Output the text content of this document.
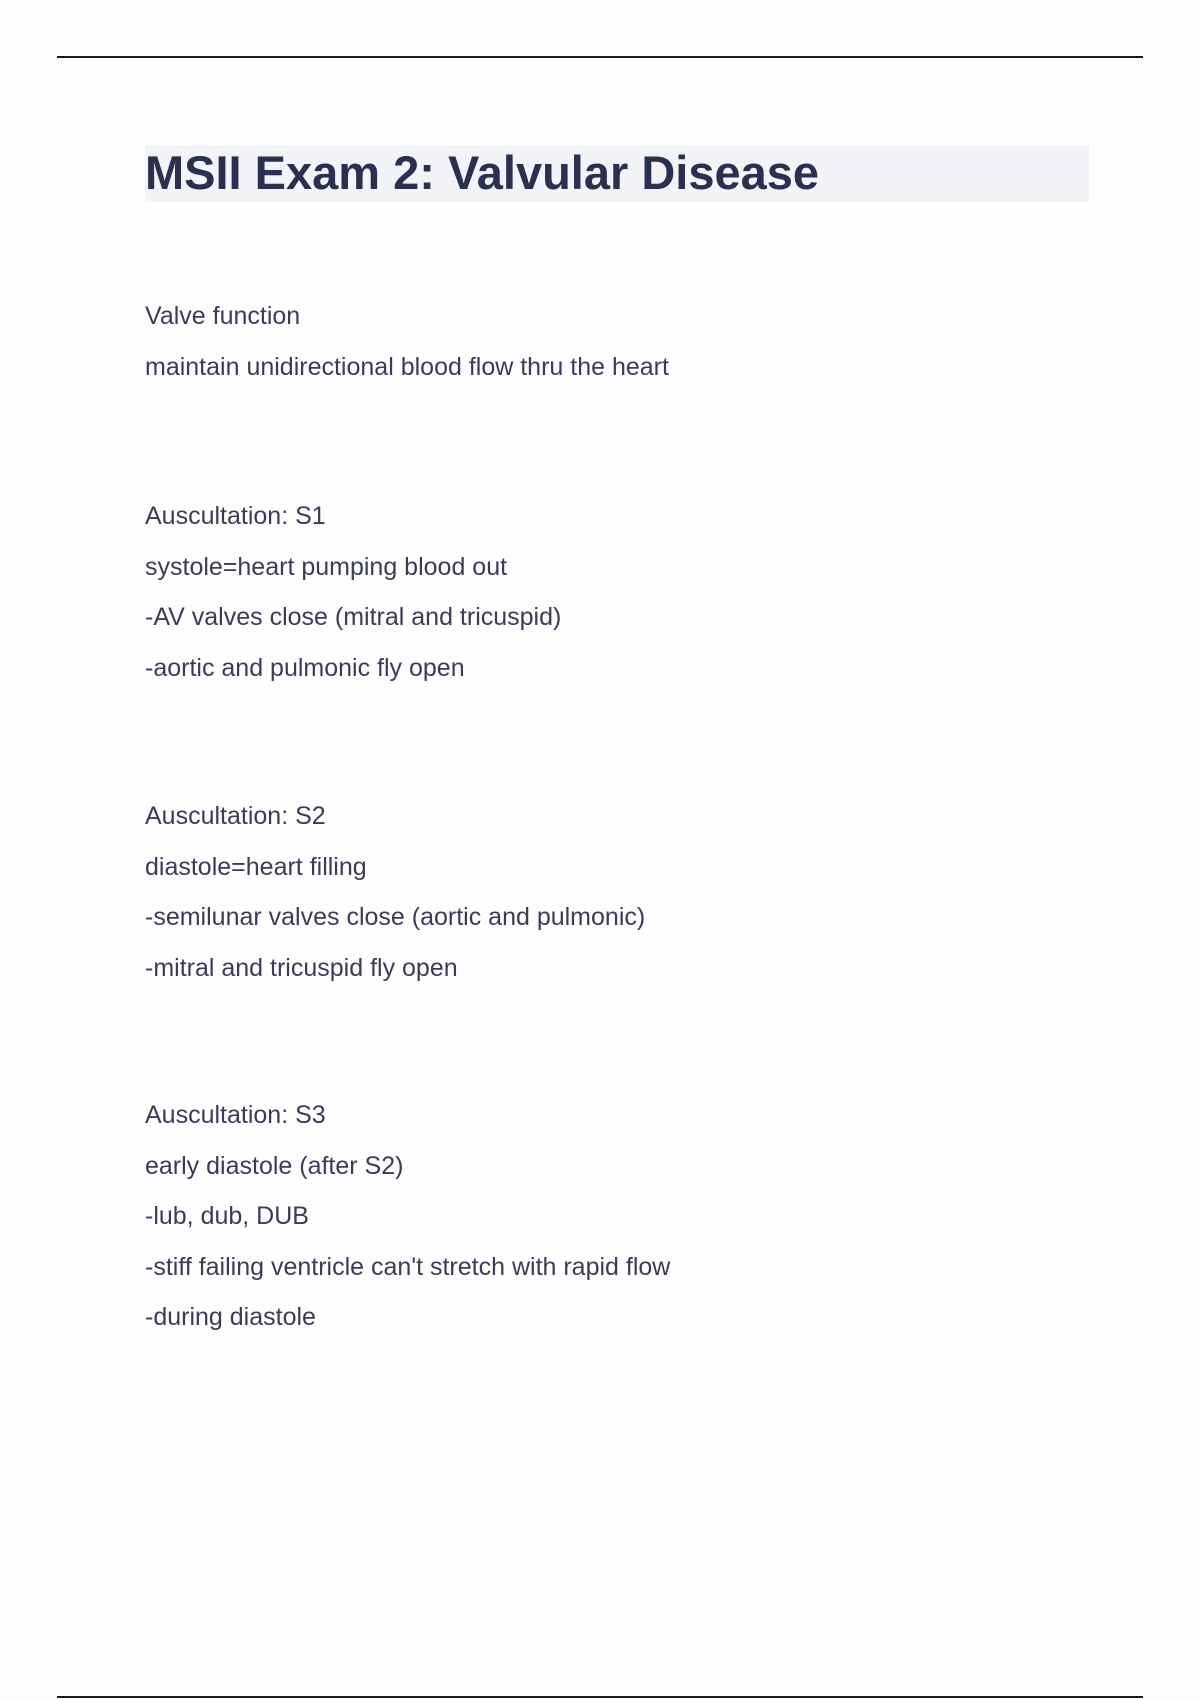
MSII Exam 2: Valvular Disease
Valve function
maintain unidirectional blood flow thru the heart
Auscultation: S1
systole=heart pumping blood out
-AV valves close (mitral and tricuspid)
-aortic and pulmonic fly open
Auscultation: S2
diastole=heart filling
-semilunar valves close (aortic and pulmonic)
-mitral and tricuspid fly open
Auscultation: S3
early diastole (after S2)
-lub, dub, DUB
-stiff failing ventricle can't stretch with rapid flow
-during diastole
